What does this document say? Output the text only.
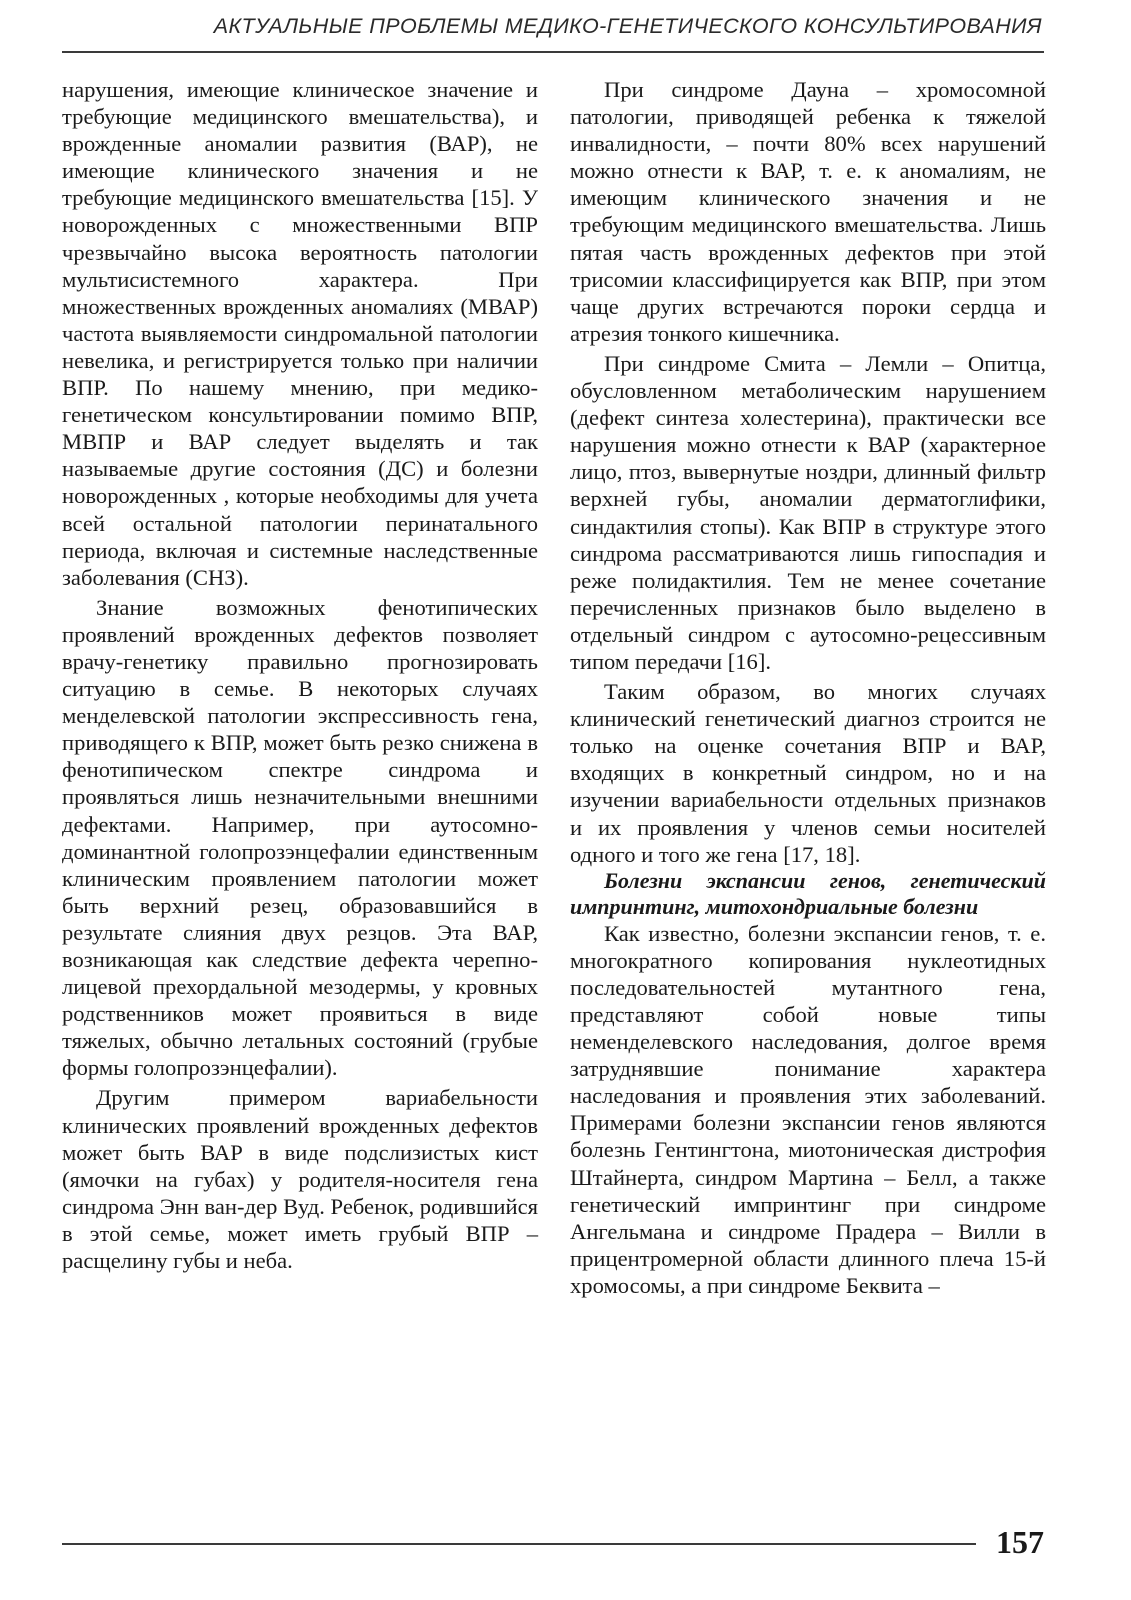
АКТУАЛЬНЫЕ ПРОБЛЕМЫ МЕДИКО-ГЕНЕТИЧЕСКОГО КОНСУЛЬТИРОВАНИЯ

нарушения, имеющие клиническое значение и требующие медицинского вмешательства), и врожденные аномалии развития (ВАР), не имеющие клинического значения и не требующие медицинского вмешательства [15]. У новорожденных с множественными ВПР чрезвычайно высока вероятность патологии мультисистемного характера. При множественных врожденных аномалиях (МВАР) частота выявляемости синдромальной патологии невелика, и регистрируется только при наличии ВПР. По нашему мнению, при медико-генетическом консультировании помимо ВПР, МВПР и ВАР следует выделять и так называемые другие состояния (ДС) и болезни новорожденных , которые необходимы для учета всей остальной патологии перинатального периода, включая и системные наследственные заболевания (СНЗ).

Знание возможных фенотипических проявлений врожденных дефектов позволяет врачу-генетику правильно прогнозировать ситуацию в семье. В некоторых случаях менделевской патологии экспрессивность гена, приводящего к ВПР, может быть резко снижена в фенотипическом спектре синдрома и проявляться лишь незначительными внешними дефектами. Например, при аутосомно-доминантной голопрозэнцефалии единственным клиническим проявлением патологии может быть верхний резец, образовавшийся в результате слияния двух резцов. Эта ВАР, возникающая как следствие дефекта черепно-лицевой прехордальной мезодермы, у кровных родственников может проявиться в виде тяжелых, обычно летальных состояний (грубые формы голопрозэнцефалии).

Другим примером вариабельности клинических проявлений врожденных дефектов может быть ВАР в виде подслизистых кист (ямочки на губах) у родителя-носителя гена синдрома Энн ван-дер Вуд. Ребенок, родившийся в этой семье, может иметь грубый ВПР – расщелину губы и неба.

При синдроме Дауна – хромосомной патологии, приводящей ребенка к тяжелой инвалидности, – почти 80% всех нарушений можно отнести к ВАР, т. е. к аномалиям, не имеющим клинического значения и не требующим медицинского вмешательства. Лишь пятая часть врожденных дефектов при этой трисомии классифицируется как ВПР, при этом чаще других встречаются пороки сердца и атрезия тонкого кишечника.

При синдроме Смита – Лемли – Опитца, обусловленном метаболическим нарушением (дефект синтеза холестерина), практически все нарушения можно отнести к ВАР (характерное лицо, птоз, вывернутые ноздри, длинный фильтр верхней губы, аномалии дерматоглифики, синдактилия стопы). Как ВПР в структуре этого синдрома рассматриваются лишь гипоспадия и реже полидактилия. Тем не менее сочетание перечисленных признаков было выделено в отдельный синдром с аутосомно-рецессивным типом передачи [16].

Таким образом, во многих случаях клинический генетический диагноз строится не только на оценке сочетания ВПР и ВАР, входящих в конкретный синдром, но и на изучении вариабельности отдельных признаков и их проявления у членов семьи носителей одного и того же гена [17, 18].

Болезни экспансии генов, генетический импринтинг, митохондриальные болезни

Как известно, болезни экспансии генов, т. е. многократного копирования нуклеотидных последовательностей мутантного гена, представляют собой новые типы неменделевского наследования, долгое время затруднявшие понимание характера наследования и проявления этих заболеваний. Примерами болезни экспансии генов являются болезнь Гентингтона, миотоническая дистрофия Штайнерта, синдром Мартина – Белл, а также генетический импринтинг при синдроме Ангельмана и синдроме Прадера – Вилли в прицентромерной области длинного плеча 15-й хромосомы, а при синдроме Беквита –

157
